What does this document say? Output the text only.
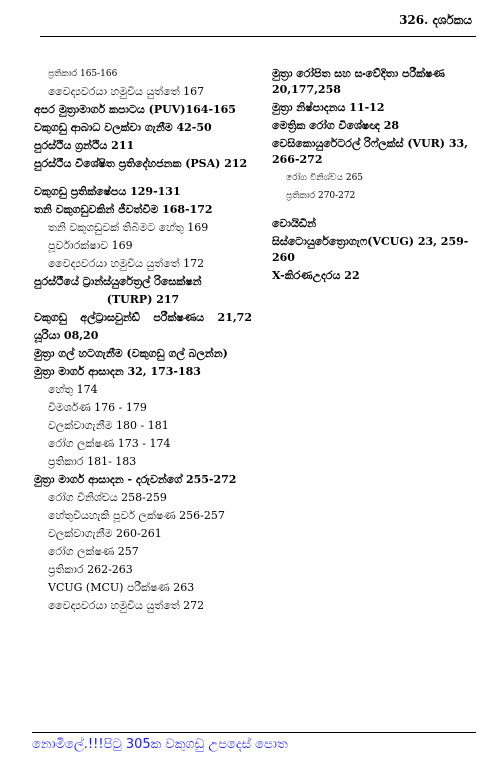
326. දර්ශකය
ප්‍රතිකාර 165-166
වෛද්‍යවරයා හමුවිය යුත්තේ 167
අපර මුත්‍රාමාර්ග කපාටය (PUV)164-165
වකුගඩු ආබාධ වලක්වා ගැනීම 42-50
පුරස්ථිය ග්‍රන්ථිය 211
පුරස්ථීය විශේෂිත ප්‍රතිදේහජනක (PSA) 212
වකුගඩු ප්‍රතික්ෂේපය 129-131
තනි වකුගඩුවකින් ජීවත්වීම 168-172
තනි වකුගඩුවක් තිබීමට හේතු 169
පූර්වාරක්ෂාව 169
වෛද්‍යවරයා හමුවිය යුත්තේ 172
පුරස්ථීයේ ට්‍රාන්ස්යුරේත්‍රල් රිසෙක්ෂන්
(TURP) 217
වකුගඩු අල්ට්‍රාසවුන්ඩ් පරීක්ෂණය 21,72
යූරියා 08,20
මුත්‍රා ගල් හටගැනීම (වකුගඩු ගල් බලන්න)
මුත්‍රා මාර්ග ආසාදන 32, 173-183
හේතු 174
විමර්ශණ 176 - 179
වලක්වාගැනීම 180 - 181
රෝග ලක්ෂණ 173 - 174
ප්‍රතිකාර 181- 183
මුත්‍රා මාර්ග ආසාදන - දරුවන්ගේ 255-272
රෝග විනිශ්චය 258-259
හේතුවියහැකි පූර්ව ලක්ෂණ 256-257
වලක්වාගැනීම 260-261
රෝග ලක්ෂණ 257
ප්‍රතිකාර 262-263
VCUG (MCU) පරීක්ෂණ 263
වෛද්‍යවරයා හමුවිය යුත්තේ 272
මුත්‍රා රෝපිත සහ සංවේදිතා පරීක්ෂණ 20,177,258
මුත්‍රා නිෂ්පාදනය 11-12
මෙත්‍රික රෝග විශේෂඥ 28
වෙසිකොයුරේටරල් රිෆ්ලක්ස් (VUR) 33, 266-272
රෝග විනිශ්චය 265
ප්‍රතිකාර 270-272
වොයිඩින්
සිස්ටොයුරේත්‍රොගැෆ(VCUG) 23, 259-260
X-කිරණඋදරය 22
නොමිලේ.!!!පිටු 305ක වකුගඩු උපදෙස් පොත
